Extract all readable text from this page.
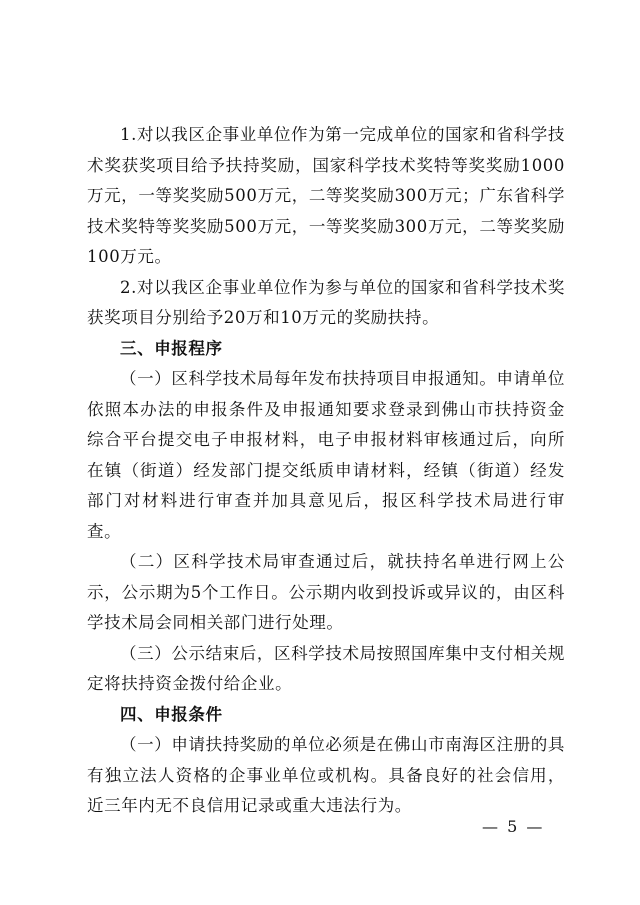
1.对以我区企事业单位作为第一完成单位的国家和省科学技术奖获奖项目给予扶持奖励，国家科学技术奖特等奖奖励1000万元，一等奖奖励500万元，二等奖奖励300万元；广东省科学技术奖特等奖奖励500万元，一等奖奖励300万元，二等奖奖励100万元。

2.对以我区企事业单位作为参与单位的国家和省科学技术奖获奖项目分别给予20万和10万元的奖励扶持。

三、申报程序

（一）区科学技术局每年发布扶持项目申报通知。申请单位依照本办法的申报条件及申报通知要求登录到佛山市扶持资金综合平台提交电子申报材料，电子申报材料审核通过后，向所在镇（街道）经发部门提交纸质申请材料，经镇（街道）经发部门对材料进行审查并加具意见后，报区科学技术局进行审查。

（二）区科学技术局审查通过后，就扶持名单进行网上公示，公示期为5个工作日。公示期内收到投诉或异议的，由区科学技术局会同相关部门进行处理。

（三）公示结束后，区科学技术局按照国库集中支付相关规定将扶持资金拨付给企业。

四、申报条件

（一）申请扶持奖励的单位必须是在佛山市南海区注册的具有独立法人资格的企事业单位或机构。具备良好的社会信用，近三年内无不良信用记录或重大违法行为。

— 5 —
